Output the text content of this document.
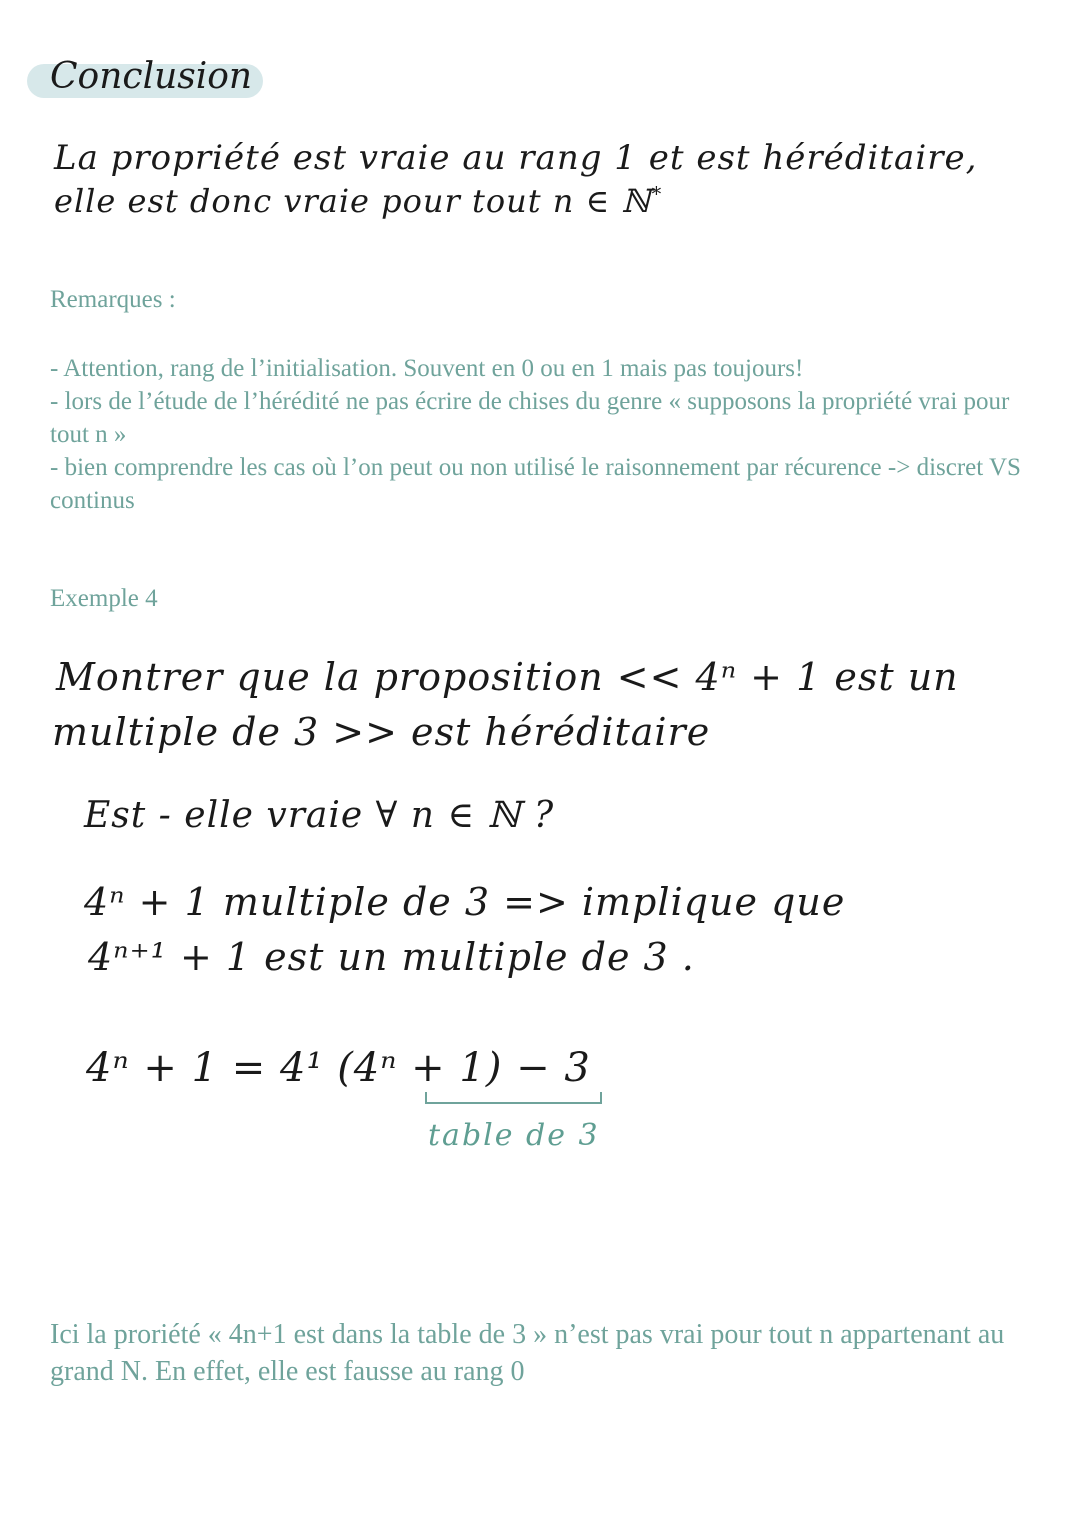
Conclusion
La propriété est vraie au rang 1 et est héréditaire,
elle est donc vraie pour tout n ∈ ℕ*
Remarques :
- Attention, rang de l’initialisation. Souvent en 0 ou en 1 mais pas toujours!
- lors de l’étude de l’hérédité ne pas écrire de chises du genre « supposons la propriété vrai pour tout n »
- bien comprendre les cas où l’on peut ou non utilisé le raisonnement par récurence -> discret VS continus
Exemple 4
Montrer que la proposition << 4ⁿ + 1 est un
multiple de 3 >> est héréditaire
Est - elle vraie ∀ n ∈ ℕ ?
4ⁿ + 1 multiple de 3 => implique que
4ⁿ⁺¹ + 1 est un multiple de 3 .
4ⁿ + 1 = 4¹ (4ⁿ + 1) − 3
table de 3
Ici la proriété « 4n+1 est dans la table de 3 » n’est pas vrai pour tout n appartenant au grand N. En effet, elle est fausse au rang 0
